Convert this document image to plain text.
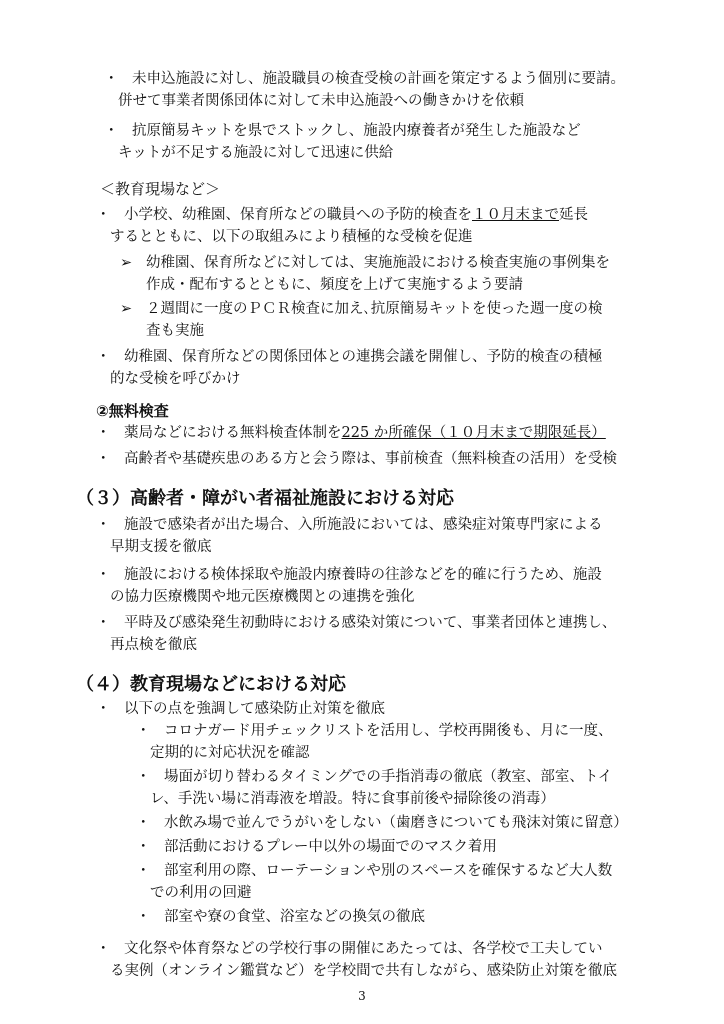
・ 未申込施設に対し、施設職員の検査受検の計画を策定するよう個別に要請。
併せて事業者関係団体に対して未申込施設への働きかけを依頼
・ 抗原簡易キットを県でストックし、施設内療養者が発生した施設など
キットが不足する施設に対して迅速に供給
＜教育現場など＞
・ 小学校、幼稚園、保育所などの職員への予防的検査を１０月末まで延長
するとともに、以下の取組みにより積極的な受検を促進
➢ 幼稚園、保育所などに対しては、実施施設における検査実施の事例集を
作成・配布するとともに、頻度を上げて実施するよう要請
➢ ２週間に一度のＰＣＲ検査に加え､抗原簡易キットを使った週一度の検
査も実施
・ 幼稚園、保育所などの関係団体との連携会議を開催し、予防的検査の積極
的な受検を呼びかけ
②無料検査
・ 薬局などにおける無料検査体制を225 か所確保（１０月末まで期限延長）
・ 高齢者や基礎疾患のある方と会う際は、事前検査（無料検査の活用）を受検
（３）高齢者・障がい者福祉施設における対応
・ 施設で感染者が出た場合、入所施設においては、感染症対策専門家による
早期支援を徹底
・ 施設における検体採取や施設内療養時の往診などを的確に行うため、施設
の協力医療機関や地元医療機関との連携を強化
・ 平時及び感染発生初動時における感染対策について、事業者団体と連携し、
再点検を徹底
（４）教育現場などにおける対応
・ 以下の点を強調して感染防止対策を徹底
・ コロナガード用チェックリストを活用し、学校再開後も、月に一度、
定期的に対応状況を確認
・ 場面が切り替わるタイミングでの手指消毒の徹底（教室、部室、トイ
レ、手洗い場に消毒液を増設。特に食事前後や掃除後の消毒）
・ 水飲み場で並んでうがいをしない（歯磨きについても飛沫対策に留意）
・ 部活動におけるプレー中以外の場面でのマスク着用
・ 部室利用の際、ローテーションや別のスペースを確保するなど大人数
での利用の回避
・ 部室や寮の食堂、浴室などの換気の徹底
・ 文化祭や体育祭などの学校行事の開催にあたっては、各学校で工夫してい
る実例（オンライン鑑賞など）を学校間で共有しながら、感染防止対策を徹底
3
